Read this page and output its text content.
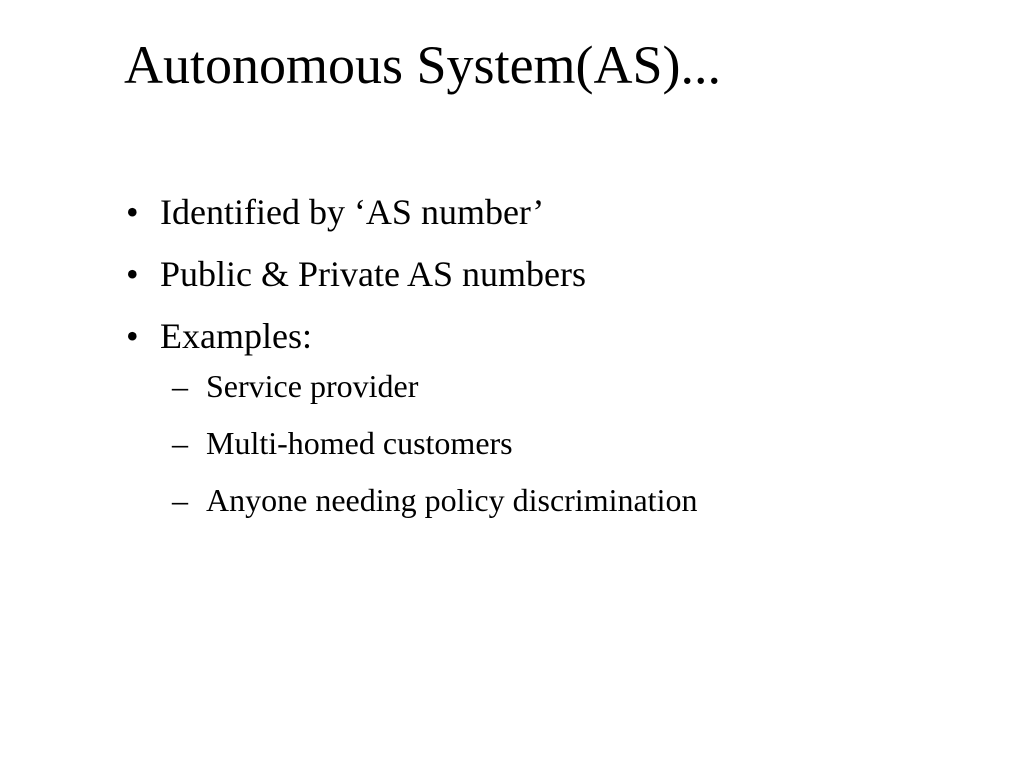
Autonomous System(AS)...
• Identified by ‘AS number’
• Public & Private AS numbers
• Examples:
– Service provider
– Multi-homed customers
– Anyone needing policy discrimination
